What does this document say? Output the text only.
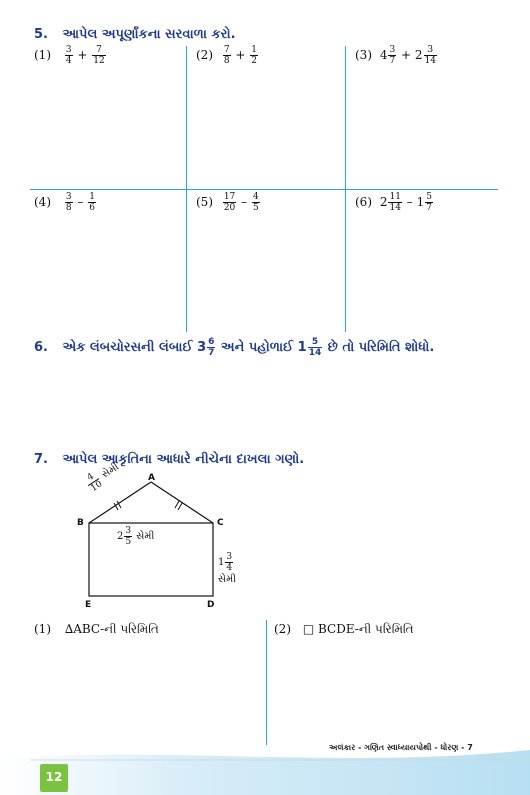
5. આપેલ અપૂર્ણાંકના સરવાળા કરો.
$(1) \frac{3}{4} + \frac{7}{12}$	$(2) \frac{7}{8} + \frac{1}{2}$	(3) $4 \frac{3}{7} + 2 \frac{3}{14}$
$(4) \frac{3}{8} - \frac{1}{6}$	$(5) \frac{17}{20} - \frac{4}{5}$	(6) $2 \frac{11}{14} - 1 \frac{5}{7}$
6. એક લંબચોરસની લંબાઈ $3 \frac{6}{7}$ અને પહોળાઈ $1 \frac{5}{14}$ છે તો પરિમિતિ શોધો.
7. આપેલ આકૃતિના આધારે નીચેના દાખલા ગણો.
A
B	C
D
E
4
10
સેમી
$2 \frac{3}{5}$ સેમી
$1 \frac{3}{4}$
સેમી
(1) ∆ABC-ની પરિમિતિ	(2) □ BCDE-ની પરિમિતિ
12
અલંકાર - ગણિત સ્વાધ્યાયપોથી - ધોરણ - 7
